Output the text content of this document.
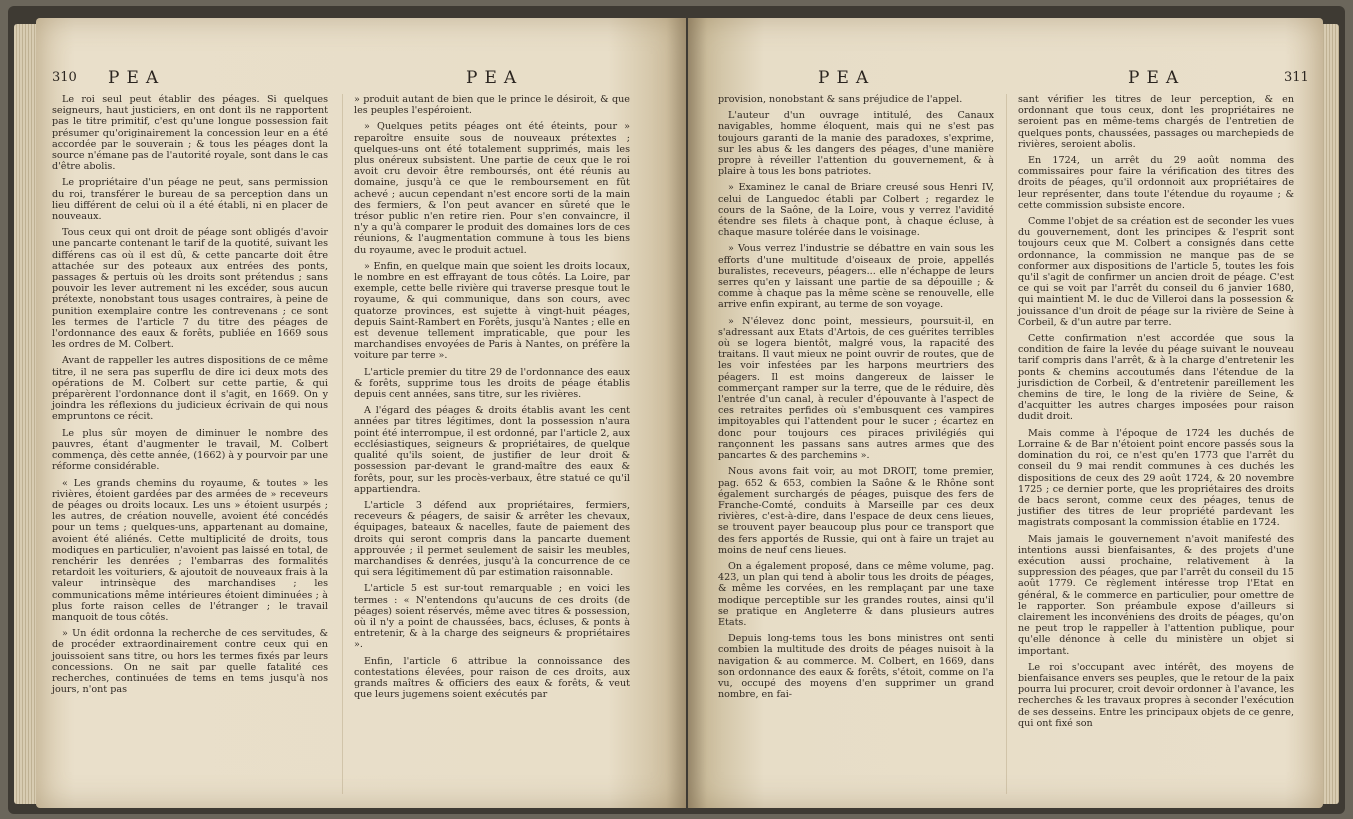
310 PEA	PEA

Le roi seul peut établir des péages. Si quelques seigneurs, haut justiciers, en ont dont ils ne rapportent pas le titre primitif, c'est qu'une longue possession fait présumer qu'originairement la concession leur en a été accordée par le souverain ; & tous les péages dont la source n'émane pas de l'autorité royale, sont dans le cas d'être abolis.

Le propriétaire d'un péage ne peut, sans permission du roi, transférer le bureau de sa perception dans un lieu différent de celui où il a été établi, ni en placer de nouveaux.

Tous ceux qui ont droit de péage sont obligés d'avoir une pancarte contenant le tarif de la quotité, suivant les différens cas où il est dû, & cette pancarte doit être attachée sur des poteaux aux entrées des ponts, passages & pertuis où les droits sont prétendus ; sans pouvoir les lever autrement ni les excéder, sous aucun prétexte, nonobstant tous usages contraires, à peine de punition exemplaire contre les contrevenans ; ce sont les termes de l'article 7 du titre des péages de l'ordonnance des eaux & forêts, publiée en 1669 sous les ordres de M. Colbert.

Avant de rappeller les autres dispositions de ce même titre, il ne sera pas superflu de dire ici deux mots des opérations de M. Colbert sur cette partie, & qui préparèrent l'ordonnance dont il s'agit, en 1669. On y joindra les réflexions du judicieux écrivain de qui nous empruntons ce récit.

Le plus sûr moyen de diminuer le nombre des pauvres, étant d'augmenter le travail, M. Colbert commença, dès cette année, (1662) à y pourvoir par une réforme considérable.

« Les grands chemins du royaume, & toutes » les rivières, étoient gardées par des armées de » receveurs de péages ou droits locaux. Les uns » étoient usurpés ; les autres, de création nouvelle, avoient été concédés pour un tems ; quelques-uns, appartenant au domaine, avoient été aliénés. Cette multiplicité de droits, tous modiques en particulier, n'avoient pas laissé en total, de renchérir les denrées ; l'embarras des formalités retardoit les voituriers, & ajoutoit de nouveaux frais à la valeur intrinsèque des marchandises ; les communications même intérieures étoient diminuées ; à plus forte raison celles de l'étranger ; le travail manquoit de tous côtés.

» Un édit ordonna la recherche de ces servitudes, & de procéder extraordinairement contre ceux qui en jouissoient sans titre, ou hors les termes fixés par leurs concessions. On ne sait par quelle fatalité ces recherches, continuées de tems en tems jusqu'à nos jours, n'ont pas

» produit autant de bien que le prince le désiroit, & que les peuples l'espéroient.

» Quelques petits péages ont été éteints, pour » reparoître ensuite sous de nouveaux prétextes ; quelques-uns ont été totalement supprimés, mais les plus onéreux subsistent. Une partie de ceux que le roi avoit cru devoir être remboursés, ont été réunis au domaine, jusqu'à ce que le remboursement en fût achevé ; aucun cependant n'est encore sorti de la main des fermiers, & l'on peut avancer en sûreté que le trésor public n'en retire rien. Pour s'en convaincre, il n'y a qu'à comparer le produit des domaines lors de ces réunions, & l'augmentation commune à tous les biens du royaume, avec le produit actuel.

» Enfin, en quelque main que soient les droits locaux, le nombre en est effrayant de tous côtés. La Loire, par exemple, cette belle rivière qui traverse presque tout le royaume, & qui communique, dans son cours, avec quatorze provinces, est sujette à vingt-huit péages, depuis Saint-Rambert en Forêts, jusqu'à Nantes ; elle en est devenue tellement impraticable, que pour les marchandises envoyées de Paris à Nantes, on préfère la voiture par terre ».

L'article premier du titre 29 de l'ordonnance des eaux & forêts, supprime tous les droits de péage établis depuis cent années, sans titre, sur les rivières.

A l'égard des péages & droits établis avant les cent années par titres légitimes, dont la possession n'aura point été interrompue, il est ordonné, par l'article 2, aux ecclésiastiques, seigneurs & propriétaires, de quelque qualité qu'ils soient, de justifier de leur droit & possession par-devant le grand-maître des eaux & forêts, pour, sur les procès-verbaux, être statué ce qu'il appartiendra.

L'article 3 défend aux propriétaires, fermiers, receveurs & péagers, de saisir & arrêter les chevaux, équipages, bateaux & nacelles, faute de paiement des droits qui seront compris dans la pancarte duement approuvée ; il permet seulement de saisir les meubles, marchandises & denrées, jusqu'à la concurrence de ce qui sera légitimement dû par estimation raisonnable.

L'article 5 est sur-tout remarquable ; en voici les termes : « N'entendons qu'aucuns de ces droits (de péages) soient réservés, même avec titres & possession, où il n'y a point de chaussées, bacs, écluses, & ponts à entretenir, & à la charge des seigneurs & propriétaires ».

Enfin, l'article 6 attribue la connoissance des contestations élevées, pour raison de ces droits, aux grands maîtres & officiers des eaux & forêts, & veut que leurs jugemens soient exécutés par

PEA	PEA	311

provision, nonobstant & sans préjudice de l'appel.

L'auteur d'un ouvrage intitulé, des Canaux navigables, homme éloquent, mais qui ne s'est pas toujours garanti de la manie des paradoxes, s'exprime, sur les abus & les dangers des péages, d'une manière propre à réveiller l'attention du gouvernement, & à plaire à tous les bons patriotes.

» Examinez le canal de Briare creusé sous Henri IV, celui de Languedoc établi par Colbert ; regardez le cours de la Saône, de la Loire, vous y verrez l'avidité étendre ses filets à chaque pont, à chaque écluse, à chaque masure tolérée dans le voisinage.

» Vous verrez l'industrie se débattre en vain sous les efforts d'une multitude d'oiseaux de proie, appellés buralistes, receveurs, péagers... elle n'échappe de leurs serres qu'en y laissant une partie de sa dépouille ; & comme à chaque pas la même scène se renouvelle, elle arrive enfin expirant, au terme de son voyage.

» N'élevez donc point, messieurs, poursuit-il, en s'adressant aux Etats d'Artois, de ces guérites terribles où se logera bientôt, malgré vous, la rapacité des traitans. Il vaut mieux ne point ouvrir de routes, que de les voir infestées par les harpons meurtriers des péagers. Il est moins dangereux de laisser le commerçant ramper sur la terre, que de le réduire, dès l'entrée d'un canal, à reculer d'épouvante à l'aspect de ces retraites perfides où s'embusquent ces vampires impitoyables qui l'attendent pour le sucer ; écartez en donc pour toujours ces piraces privilégiés qui rançonnent les passans sans autres armes que des pancartes & des parchemins ».

Nous avons fait voir, au mot DROIT, tome premier, pag. 652 & 653, combien la Saône & le Rhône sont également surchargés de péages, puisque des fers de Franche-Comté, conduits à Marseille par ces deux rivières, c'est-à-dire, dans l'espace de deux cens lieues, se trouvent payer beaucoup plus pour ce transport que des fers apportés de Russie, qui ont à faire un trajet au moins de neuf cens lieues.

On a également proposé, dans ce même volume, pag. 423, un plan qui tend à abolir tous les droits de péages, & même les corvées, en les remplaçant par une taxe modique perceptible sur les grandes routes, ainsi qu'il se pratique en Angleterre & dans plusieurs autres Etats.

Depuis long-tems tous les bons ministres ont senti combien la multitude des droits de péages nuisoit à la navigation & au commerce. M. Colbert, en 1669, dans son ordonnance des eaux & forêts, s'étoit, comme on l'a vu, occupé des moyens d'en supprimer un grand nombre, en fai-

sant vérifier les titres de leur perception, & en ordonnant que tous ceux, dont les propriétaires ne seroient pas en même-tems chargés de l'entretien de quelques ponts, chaussées, passages ou marchepieds de rivières, seroient abolis.

En 1724, un arrêt du 29 août nomma des commissaires pour faire la vérification des titres des droits de péages, qu'il ordonnoit aux propriétaires de leur représenter, dans toute l'étendue du royaume ; & cette commission subsiste encore.

Comme l'objet de sa création est de seconder les vues du gouvernement, dont les principes & l'esprit sont toujours ceux que M. Colbert a consignés dans cette ordonnance, la commission ne manque pas de se conformer aux dispositions de l'article 5, toutes les fois qu'il s'agit de confirmer un ancien droit de péage. C'est ce qui se voit par l'arrêt du conseil du 6 janvier 1680, qui maintient M. le duc de Villeroi dans la possession & jouissance d'un droit de péage sur la rivière de Seine à Corbeil, & d'un autre par terre.

Cette confirmation n'est accordée que sous la condition de faire la levée du péage suivant le nouveau tarif compris dans l'arrêt, & à la charge d'entretenir les ponts & chemins accoutumés dans l'étendue de la jurisdiction de Corbeil, & d'entretenir pareillement les chemins de tire, le long de la rivière de Seine, & d'acquitter les autres charges imposées pour raison dudit droit.

Mais comme à l'époque de 1724 les duchés de Lorraine & de Bar n'étoient point encore passés sous la domination du roi, ce n'est qu'en 1773 que l'arrêt du conseil du 9 mai rendit communes à ces duchés les dispositions de ceux des 29 août 1724, & 20 novembre 1725 ; ce dernier porte, que les propriétaires des droits de bacs seront, comme ceux des péages, tenus de justifier des titres de leur propriété pardevant les magistrats composant la commission établie en 1724.

Mais jamais le gouvernement n'avoit manifesté des intentions aussi bienfaisantes, & des projets d'une exécution aussi prochaine, relativement à la suppression des péages, que par l'arrêt du conseil du 15 août 1779. Ce règlement intéresse trop l'Etat en général, & le commerce en particulier, pour omettre de le rapporter. Son préambule expose d'ailleurs si clairement les inconvéniens des droits de péages, qu'on ne peut trop le rappeller à l'attention publique, pour qu'elle dénonce à celle du ministère un objet si important.

Le roi s'occupant avec intérêt, des moyens de bienfaisance envers ses peuples, que le retour de la paix pourra lui procurer, croit devoir ordonner à l'avance, les recherches & les travaux propres à seconder l'exécution de ses desseins. Entre les principaux objets de ce genre, qui ont fixé son
